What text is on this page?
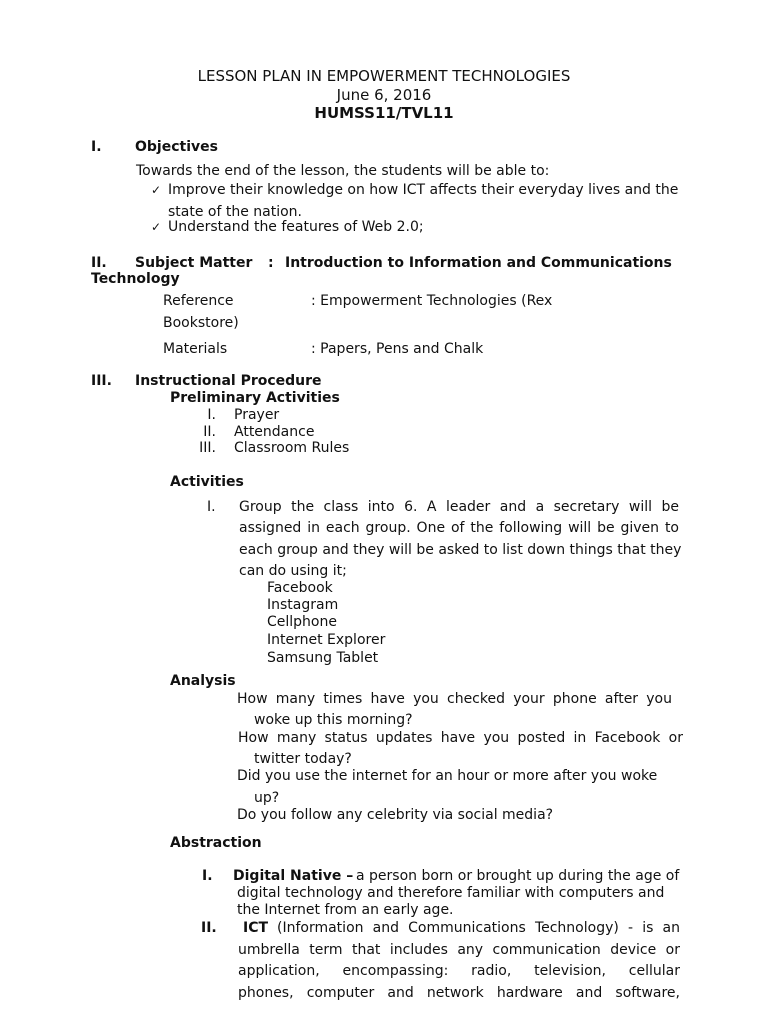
LESSON PLAN IN EMPOWERMENT TECHNOLOGIES
June 6, 2016
HUMSS11/TVL11
I. Objectives
Towards the end of the lesson, the students will be able to:
✓ Improve their knowledge on how ICT affects their everyday lives and the
state of the nation.
✓ Understand the features of Web 2.0;
II. Subject Matter : Introduction to Information and Communications
Technology
Reference	: Empowerment Technologies (Rex
Bookstore)
Materials	: Papers, Pens and Chalk
III. Instructional Procedure
Preliminary Activities
I. Prayer
II. Attendance
III. Classroom Rules
Activities
I. Group the class into 6. A leader and a secretary will be
assigned in each group. One of the following will be given to
each group and they will be asked to list down things that they
can do using it;
Facebook
Instagram
Cellphone
Internet Explorer
Samsung Tablet
Analysis
How many times have you checked your phone after you
woke up this morning?
How many status updates have you posted in Facebook or
twitter today?
Did you use the internet for an hour or more after you woke
up?
Do you follow any celebrity via social media?
Abstraction
I. Digital Native – a person born or brought up during the age of
digital technology and therefore familiar with computers and
the Internet from an early age.
II. ICT (Information and Communications Technology) - is an
umbrella term that includes any communication device or
application, encompassing: radio, television, cellular
phones, computer and network hardware and software,
